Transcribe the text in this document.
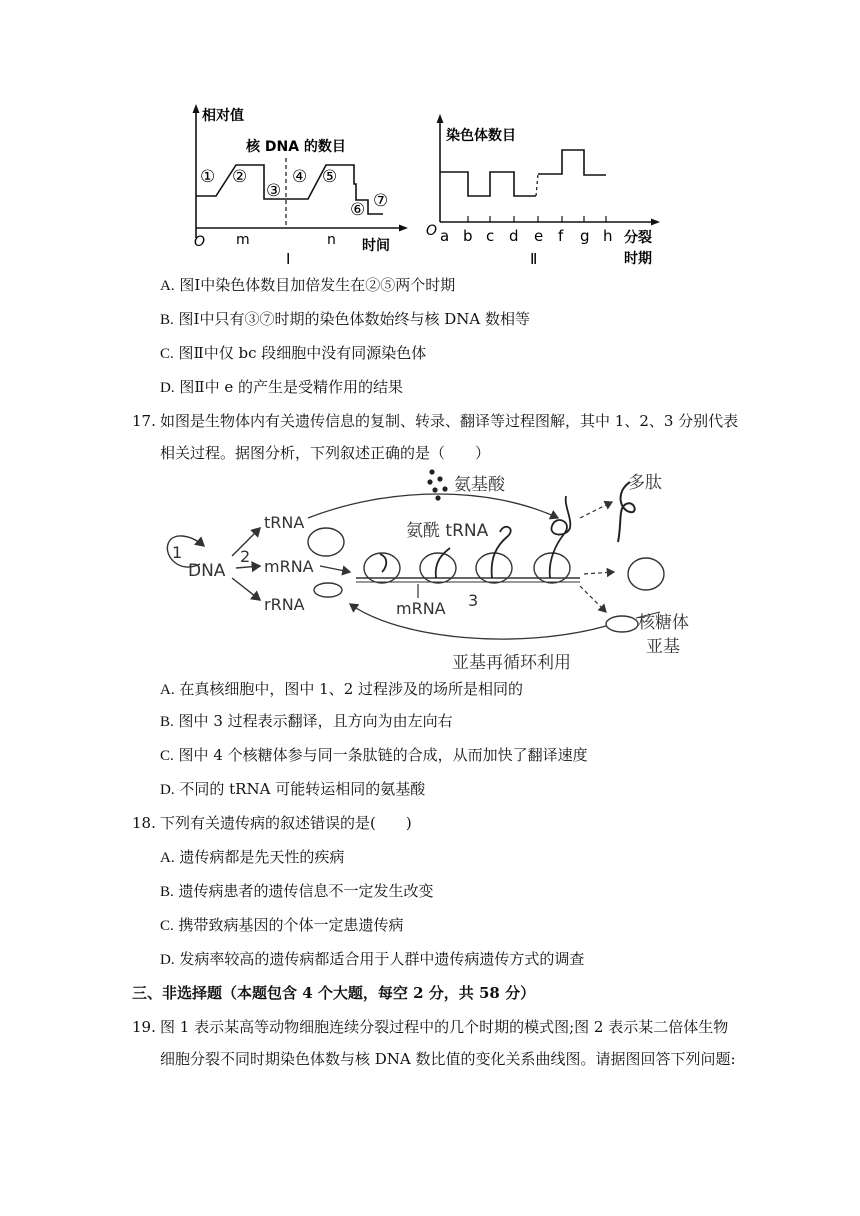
相对值
核 DNA 的数目
① ②
③
④ ⑤
⑥ ⑦
O m	n 时间
Ⅰ
染色体数目
O a b c d e f g h 分裂
时期
Ⅱ
A. 图Ⅰ中染色体数目加倍发生在②⑤两个时期
B. 图Ⅰ中只有③⑦时期的染色体数始终与核 DNA 数相等
C. 图Ⅱ中仅 bc 段细胞中没有同源染色体
D. 图Ⅱ中 e 的产生是受精作用的结果
17. 如图是生物体内有关遗传信息的复制、转录、翻译等过程图解，其中 1、2、3 分别代表
相关过程。据图分析，下列叙述正确的是（　　）
氨基酸	多肽
1
DNA
2
tRNA
mRNA
rRNA
氨酰 tRNA
mRNA 3
核糖体
亚基
亚基再循环利用
A. 在真核细胞中，图中 1、2 过程涉及的场所是相同的
B. 图中 3 过程表示翻译，且方向为由左向右
C. 图中 4 个核糖体参与同一条肽链的合成，从而加快了翻译速度
D. 不同的 tRNA 可能转运相同的氨基酸
18. 下列有关遗传病的叙述错误的是(　　)
A. 遗传病都是先天性的疾病
B. 遗传病患者的遗传信息不一定发生改变
C. 携带致病基因的个体一定患遗传病
D. 发病率较高的遗传病都适合用于人群中遗传病遗传方式的调查
三、非选择题（本题包含 4 个大题，每空 2 分，共 58 分）
19. 图 1 表示某高等动物细胞连续分裂过程中的几个时期的模式图;图 2 表示某二倍体生物
细胞分裂不同时期染色体数与核 DNA 数比值的变化关系曲线图。请据图回答下列问题:
